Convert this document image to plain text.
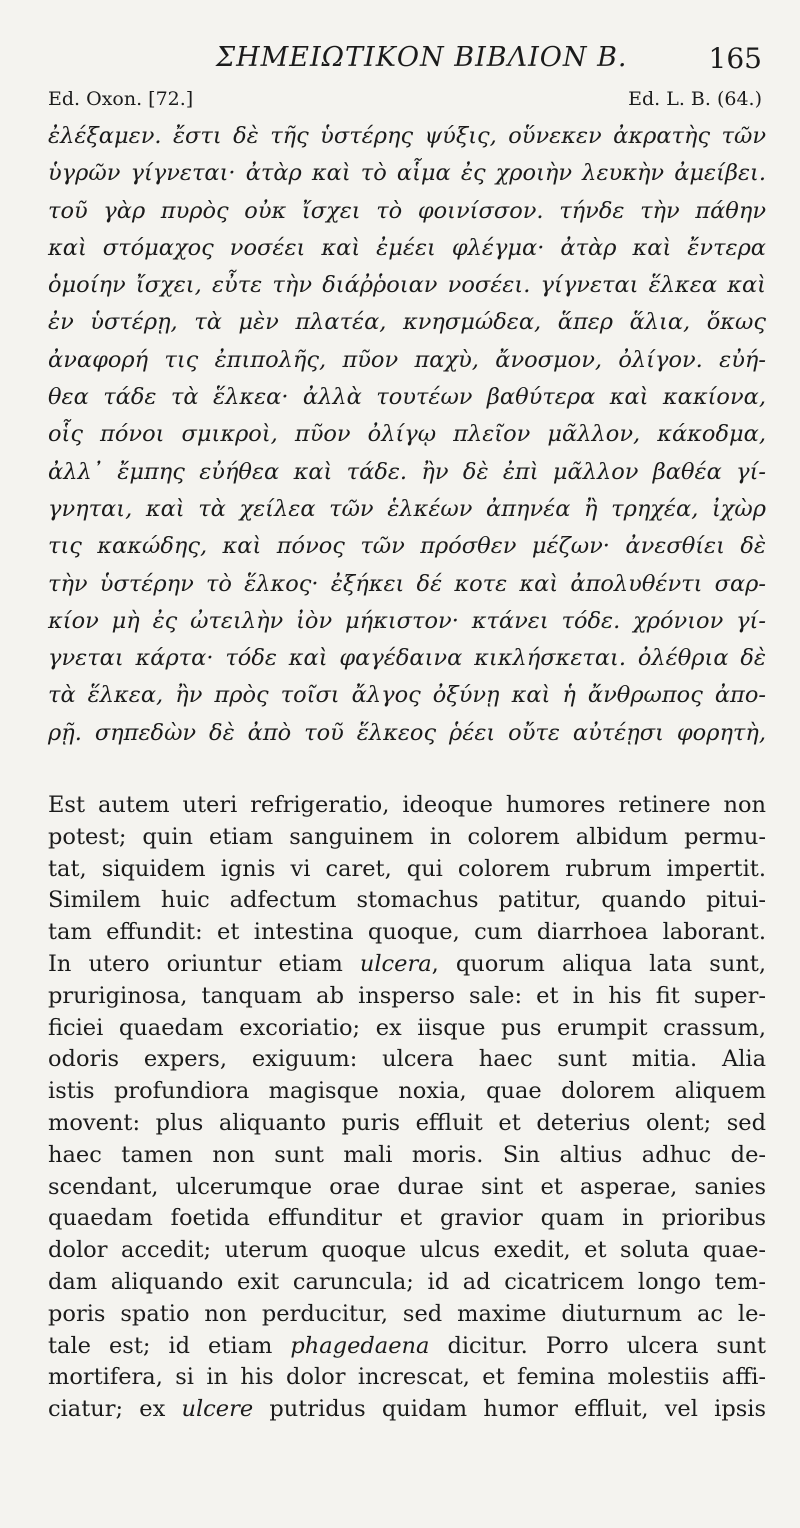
ΣΗΜΕΙΩΤΙΚΟΝ ΒΙΒΛΙΟΝ Β.	165
Ed. Oxon. [72.]	Ed. L. B. (64.)
ἐλέξαμεν. ἔστι δὲ τῆς ὑστέρης ψύξις, οὕνεκεν ἀκρατὴς τῶν
ὑγρῶν γίγνεται· ἀτὰρ καὶ τὸ αἷμα ἐς χροιὴν λευκὴν ἀμείβει.
τοῦ γὰρ πυρὸς οὐκ ἴσχει τὸ φοινίσσον. τήνδε τὴν πάθην
καὶ στόμαχος νοσέει καὶ ἐμέει φλέγμα· ἀτὰρ καὶ ἔντερα
ὁμοίην ἴσχει, εὖτε τὴν διάῤῥοιαν νοσέει. γίγνεται ἕλκεα καὶ
ἐν ὑστέρῃ, τὰ μὲν πλατέα, κνησμώδεα, ἅπερ ἅλια, ὅκως
ἀναφορή τις ἐπιπολῆς, πῦον παχὺ, ἄνοσμον, ὀλίγον. εὐή-
θεα τάδε τὰ ἕλκεα· ἀλλὰ τουτέων βαθύτερα καὶ κακίονα,
οἷς πόνοι σμικροὶ, πῦον ὀλίγῳ πλεῖον μᾶλλον, κάκοδμα,
ἀλλ᾽ ἔμπης εὐήθεα καὶ τάδε. ἢν δὲ ἐπὶ μᾶλλον βαθέα γί-
γνηται, καὶ τὰ χείλεα τῶν ἑλκέων ἀπηνέα ἢ τρηχέα, ἰχὼρ
τις κακώδης, καὶ πόνος τῶν πρόσθεν μέζων· ἀνεσθίει δὲ
τὴν ὑστέρην τὸ ἕλκος· ἐξήκει δέ κοτε καὶ ἀπολυθέντι σαρ-
κίον μὴ ἐς ὠτειλὴν ἰὸν μήκιστον· κτάνει τόδε. χρόνιον γί-
γνεται κάρτα· τόδε καὶ φαγέδαινα κικλήσκεται. ὀλέθρια δὲ
τὰ ἕλκεα, ἢν πρὸς τοῖσι ἄλγος ὀξύνῃ καὶ ἡ ἄνθρωπος ἀπο-
ρῇ. σηπεδὼν δὲ ἀπὸ τοῦ ἕλκεος ῥέει οὔτε αὐτέῃσι φορητὴ,
Est autem uteri refrigeratio, ideoque humores retinere non
potest; quin etiam sanguinem in colorem albidum permu-
tat, siquidem ignis vi caret, qui colorem rubrum impertit.
Similem huic adfectum stomachus patitur, quando pitui-
tam effundit: et intestina quoque, cum diarrhoea laborant.
In utero oriuntur etiam ulcera, quorum aliqua lata sunt,
pruriginosa, tanquam ab insperso sale: et in his fit super-
ficiei quaedam excoriatio; ex iisque pus erumpit crassum,
odoris expers, exiguum: ulcera haec sunt mitia. Alia
istis profundiora magisque noxia, quae dolorem aliquem
movent: plus aliquanto puris effluit et deterius olent; sed
haec tamen non sunt mali moris. Sin altius adhuc de-
scendant, ulcerumque orae durae sint et asperae, sanies
quaedam foetida effunditur et gravior quam in prioribus
dolor accedit; uterum quoque ulcus exedit, et soluta quae-
dam aliquando exit caruncula; id ad cicatricem longo tem-
poris spatio non perducitur, sed maxime diuturnum ac le-
tale est; id etiam phagedaena dicitur. Porro ulcera sunt
mortifera, si in his dolor increscat, et femina molestiis affi-
ciatur; ex ulcere putridus quidam humor effluit, vel ipsis
